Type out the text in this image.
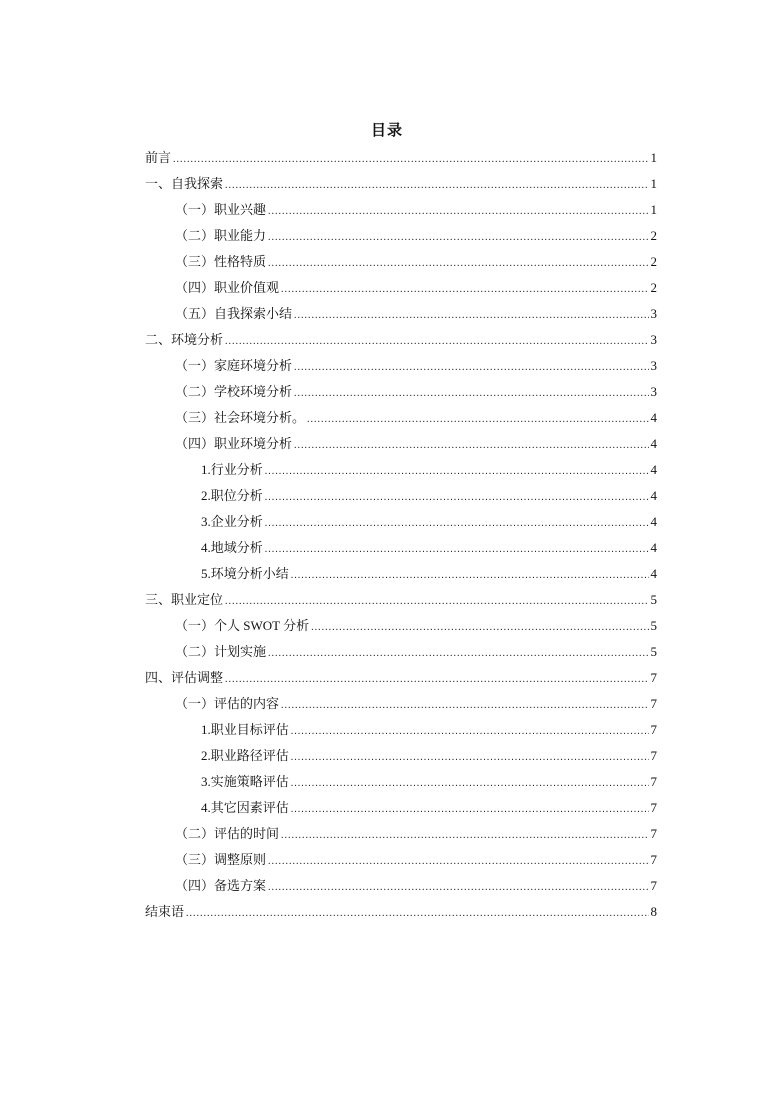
目录
前言 .....	1
一、自我探索 .....	1
（一）职业兴趣 .....	1
（二）职业能力 .....	2
（三）性格特质 .....	2
（四）职业价值观 .....	2
（五）自我探索小结 .....	3
二、环境分析 .....	3
（一）家庭环境分析 .....	3
（二）学校环境分析 .....	3
（三）社会环境分析。 .....	4
（四）职业环境分析 .....	4
1.行业分析 .....	4
2.职位分析 .....	4
3.企业分析 .....	4
4.地域分析 .....	4
5.环境分析小结 .....	4
三、职业定位 .....	5
（一）个人 SWOT 分析 .....	5
（二）计划实施 .....	5
四、评估调整 .....	7
（一）评估的内容 .....	7
1.职业目标评估 .....	7
2.职业路径评估 .....	7
3.实施策略评估 .....	7
4.其它因素评估 .....	7
（二）评估的时间 .....	7
（三）调整原则 .....	7
（四）备选方案 .....	7
结束语 .....	8
